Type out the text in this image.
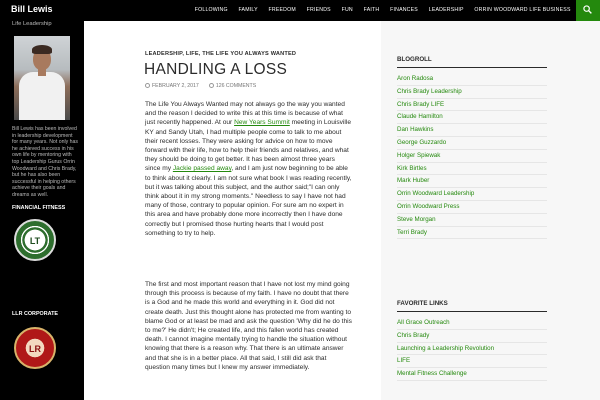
Bill Lewis	FOLLOWING	FAMILY	FREEDOM	FRIENDS	FUN	FAITH	FINANCES	LEADERSHIP	ORRIN WOODWARD LIFE BUSINESS
Life Leadership
Bill Lewis has been involved in leadership development for many years. Not only has he achieved success in his own life by mentoring with top Leadership Gurus Orrin Woodward and Chris Brady, but he has also been successful in helping others achieve their goals and dreams as well.
FINANCIAL FITNESS
LT
LLR CORPORATE
LR
LEADERSHIP, LIFE, THE LIFE YOU ALWAYS WANTED
HANDLING A LOSS
FEBRUARY 2, 2017	126 COMMENTS

The Life You Always Wanted may not always go the way you wanted and the reason I decided to write this at this time is because of what just recently happened. At our New Years Summit meeting in Louisville KY and Sandy Utah, I had multiple people come to talk to me about their recent losses. They were asking for advice on how to move forward with their life, how to help their friends and relatives, and what they should be doing to get better. It has been almost three years since my Jackie passed away, and I am just now beginning to be able to think about it clearly. I am not sure what book I was reading recently, but it was talking about this subject, and the author said;"I can only think about it in my strong moments." Needless to say I have not had many of those, contrary to popular opinion. For sure am no expert in this area and have probably done more incorrectly then I have done correctly but I promised those hurting hearts that I would post something to try to help.

The first and most important reason that I have not lost my mind going through this process is because of my faith. I have no doubt that there is a God and he made this world and everything in it. God did not create death. Just this thought alone has protected me from wanting to blame God or at least be mad and ask the question 'Why did he do this to me?' He didn't; He created life, and this fallen world has created death. I cannot imagine mentally trying to handle the situation without knowing that there is a reason why. That there is an ultimate answer and that she is in a better place. All that said, I still did ask that question many times but I knew my answer immediately.

BLOGROLL
Aron Radosa
Chris Brady Leadership
Chris Brady LIFE
Claude Hamilton
Dan Hawkins
George Guzzardo
Holger Spiewak
Kirk Birtles
Mark Huber
Orrin Woodward Leadership
Orrin Woodward Press
Steve Morgan
Terri Brady
FAVORITE LINKS
All Grace Outreach
Chris Brady
Launching a Leadership Revolution
LIFE
Mental Fitness Challenge
